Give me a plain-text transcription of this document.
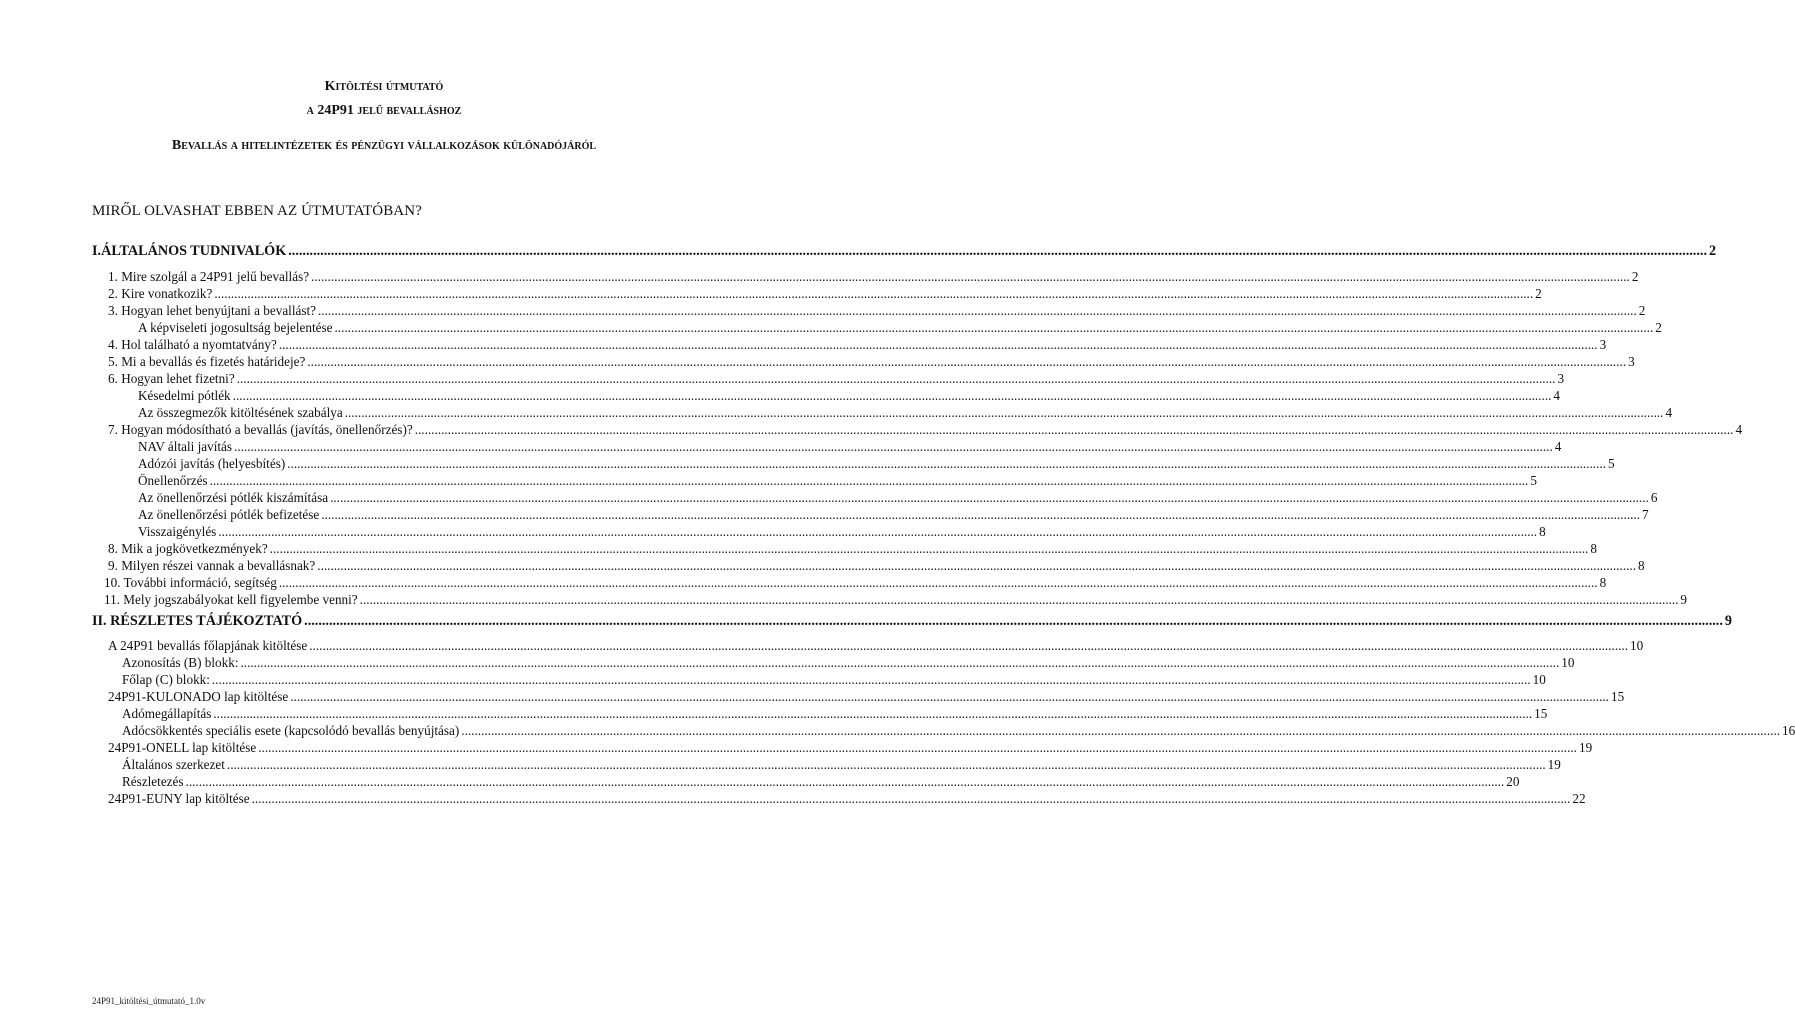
Kitöltési útmutató
a 24P91 jelű bevalláshoz
Bevallás a hitelintézetek és pénzügyi vállalkozások különadójáról
MIRŐL OLVASHAT EBBEN AZ ÚTMUTATÓBAN?
I. ÁLTALÁNOS TUDNIVALÓK ................................................................................................................................................................................................................................................................................................................................................................................................................ 2
1. Mire szolgál a 24P91 jelű bevallás? ................................................................................................................................................................................................................................................................................................................................................................................................................ 2
2. Kire vonatkozik? ................................................................................................................................................................................................................................................................................................................................................................................................................ 2
3. Hogyan lehet benyújtani a bevallást? ................................................................................................................................................................................................................................................................................................................................................................................................................ 2
A képviseleti jogosultság bejelentése ................................................................................................................................................................................................................................................................................................................................................................................................................ 2
4. Hol található a nyomtatvány? ................................................................................................................................................................................................................................................................................................................................................................................................................ 3
5. Mi a bevallás és fizetés határideje? ................................................................................................................................................................................................................................................................................................................................................................................................................ 3
6. Hogyan lehet fizetni? ................................................................................................................................................................................................................................................................................................................................................................................................................ 3
Késedelmi pótlék ................................................................................................................................................................................................................................................................................................................................................................................................................ 4
Az összegmezők kitöltésének szabálya ................................................................................................................................................................................................................................................................................................................................................................................................................ 4
7. Hogyan módosítható a bevallás (javítás, önellenőrzés)? ................................................................................................................................................................................................................................................................................................................................................................................................................ 4
NAV általi javítás ................................................................................................................................................................................................................................................................................................................................................................................................................ 4
Adózói javítás (helyesbítés) ................................................................................................................................................................................................................................................................................................................................................................................................................ 5
Önellenőrzés ................................................................................................................................................................................................................................................................................................................................................................................................................ 5
Az önellenőrzési pótlék kiszámítása ................................................................................................................................................................................................................................................................................................................................................................................................................ 6
Az önellenőrzési pótlék befizetése ................................................................................................................................................................................................................................................................................................................................................................................................................ 7
Visszaigénylés ................................................................................................................................................................................................................................................................................................................................................................................................................ 8
8. Mik a jogkövetkezmények? ................................................................................................................................................................................................................................................................................................................................................................................................................ 8
9. Milyen részei vannak a bevallásnak? ................................................................................................................................................................................................................................................................................................................................................................................................................ 8
10. További információ, segítség ................................................................................................................................................................................................................................................................................................................................................................................................................ 8
11. Mely jogszabályokat kell figyelembe venni? ................................................................................................................................................................................................................................................................................................................................................................................................................ 9
II. RÉSZLETES TÁJÉKOZTATÓ ................................................................................................................................................................................................................................................................................................................................................................................................................ 9
A 24P91 bevallás főlapjának kitöltése ................................................................................................................................................................................................................................................................................................................................................................................................................ 10
Azonosítás (B) blokk: ................................................................................................................................................................................................................................................................................................................................................................................................................ 10
Főlap (C) blokk: ................................................................................................................................................................................................................................................................................................................................................................................................................ 10
24P91-KULONADO lap kitöltése ................................................................................................................................................................................................................................................................................................................................................................................................................ 15
Adómegállapítás ................................................................................................................................................................................................................................................................................................................................................................................................................ 15
Adócsökkentés speciális esete (kapcsolódó bevallás benyújtása) ................................................................................................................................................................................................................................................................................................................................................................................................................ 16
24P91-ONELL lap kitöltése ................................................................................................................................................................................................................................................................................................................................................................................................................ 19
Általános szerkezet ................................................................................................................................................................................................................................................................................................................................................................................................................ 19
Részletezés ................................................................................................................................................................................................................................................................................................................................................................................................................ 20
24P91-EUNY lap kitöltése ................................................................................................................................................................................................................................................................................................................................................................................................................ 22
24P91_kitöltési_útmutató_1.0v
